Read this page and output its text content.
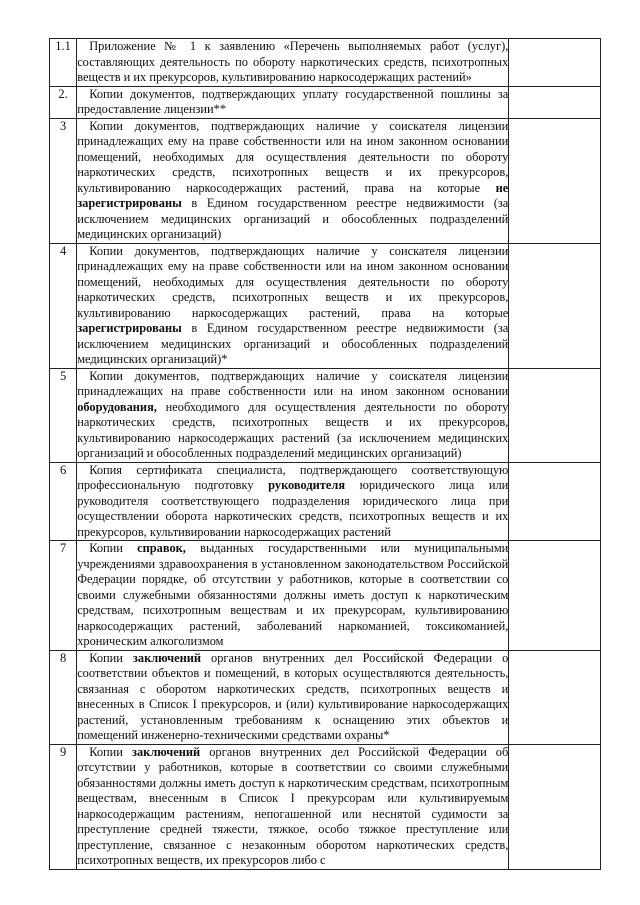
1.1	Приложение № 1 к заявлению «Перечень выполняемых работ (услуг), составляющих деятельность по обороту наркотических средств, психотропных веществ и их прекурсоров, культивированию наркосодержащих растений»	

2.	Копии документов, подтверждающих уплату государственной пошлины за предоставление лицензии**	

3	Копии документов, подтверждающих наличие у соискателя лицензии принадлежащих ему на праве собственности или на ином законном основании помещений, необходимых для осуществления деятельности по обороту наркотических средств, психотропных веществ и их прекурсоров, культивированию наркосодержащих растений, права на которые не зарегистрированы в Едином государственном реестре недвижимости (за исключением медицинских организаций и обособленных подразделений медицинских организаций)	

4	Копии документов, подтверждающих наличие у соискателя лицензии принадлежащих ему на праве собственности или на ином законном основании помещений, необходимых для осуществления деятельности по обороту наркотических средств, психотропных веществ и их прекурсоров, культивированию наркосодержащих растений, права на которые зарегистрированы в Едином государственном реестре недвижимости (за исключением медицинских организаций и обособленных подразделений медицинских организаций)*	

5	Копии документов, подтверждающих наличие у соискателя лицензии принадлежащих на праве собственности или на ином законном основании оборудования, необходимого для осуществления деятельности по обороту наркотических средств, психотропных веществ и их прекурсоров, культивированию наркосодержащих растений (за исключением медицинских организаций и обособленных подразделений медицинских организаций)	

6	Копия сертификата специалиста, подтверждающего соответствующую профессиональную подготовку руководителя юридического лица или руководителя соответствующего подразделения юридического лица при осуществлении оборота наркотических средств, психотропных веществ и их прекурсоров, культивировании наркосодержащих растений	

7	Копии справок, выданных государственными или муниципальными учреждениями здравоохранения в установленном законодательством Российской Федерации порядке, об отсутствии у работников, которые в соответствии со своими служебными обязанностями должны иметь доступ к наркотическим средствам, психотропным веществам и их прекурсорам, культивированию наркосодержащих растений, заболеваний наркоманией, токсикоманией, хроническим алкоголизмом	

8	Копии заключений органов внутренних дел Российской Федерации о соответствии объектов и помещений, в которых осуществляются деятельность, связанная с оборотом наркотических средств, психотропных веществ и внесенных в Список I прекурсоров, и (или) культивирование наркосодержащих растений, установленным требованиям к оснащению этих объектов и помещений инженерно-техническими средствами охраны*	

9	Копии заключений органов внутренних дел Российской Федерации об отсутствии у работников, которые в соответствии со своими служебными обязанностями должны иметь доступ к наркотическим средствам, психотропным веществам, внесенным в Список I прекурсорам или культивируемым наркосодержащим растениям, непогашенной или неснятой судимости за преступление средней тяжести, тяжкое, особо тяжкое преступление или преступление, связанное с незаконным оборотом наркотических средств, психотропных веществ, их прекурсоров либо с	
